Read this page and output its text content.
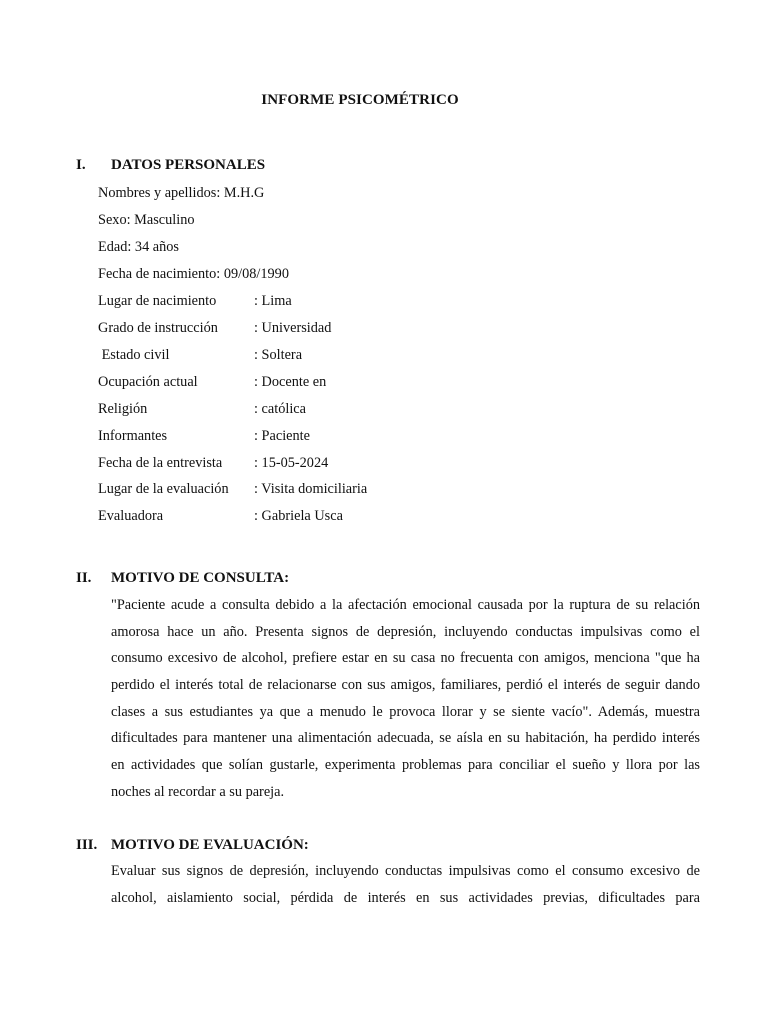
INFORME PSICOMÉTRICO
I. DATOS PERSONALES
Nombres y apellidos: M.H.G
Sexo: Masculino
Edad: 34 años
Fecha de nacimiento: 09/08/1990
Lugar de nacimiento	: Lima
Grado de instrucción	: Universidad
Estado civil	: Soltera
Ocupación actual	: Docente en
Religión	: católica
Informantes	: Paciente
Fecha de la entrevista : 15-05-2024
Lugar de la evaluación : Visita domiciliaria
Evaluadora	: Gabriela Usca
II. MOTIVO DE CONSULTA:
"Paciente acude a consulta debido a la afectación emocional causada por la ruptura de su relación
amorosa hace un año. Presenta signos de depresión, incluyendo conductas impulsivas como el
consumo excesivo de alcohol, prefiere estar en su casa no frecuenta con amigos, menciona "que ha
perdido el interés total de relacionarse con sus amigos, familiares, perdió el interés de seguir dando
clases a sus estudiantes ya que a menudo le provoca llorar y se siente vacío". Además, muestra
dificultades para mantener una alimentación adecuada, se aísla en su habitación, ha perdido interés
en actividades que solían gustarle, experimenta problemas para conciliar el sueño y llora por las
noches al recordar a su pareja.
III. MOTIVO DE EVALUACIÓN:
Evaluar sus signos de depresión, incluyendo conductas impulsivas como el consumo excesivo de
alcohol, aislamiento social, pérdida de interés en sus actividades previas, dificultades para
